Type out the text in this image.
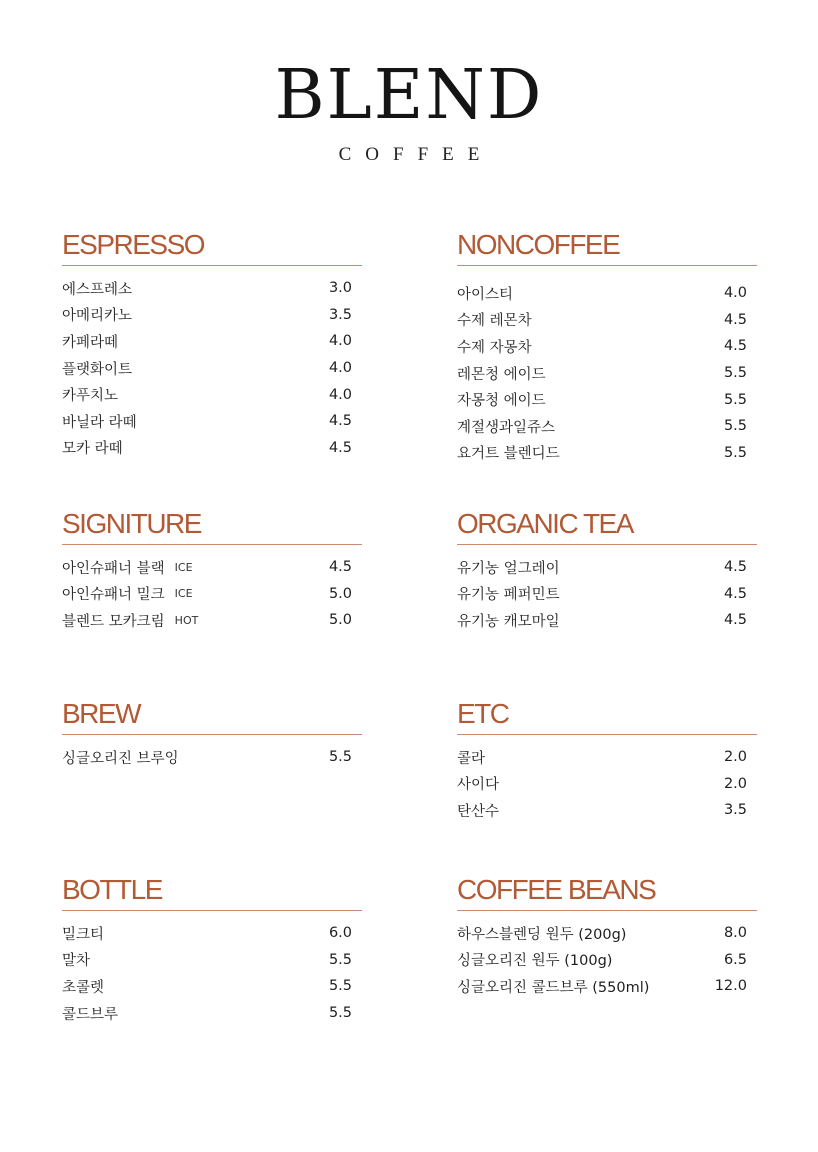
BLEND
COFFEE
ESPRESSO
에스프레소	3.0
아메리카노	3.5
카페라떼	4.0
플랫화이트	4.0
카푸치노	4.0
바닐라 라떼	4.5
모카 라떼	4.5
NONCOFFEE
아이스티	4.0
수제 레몬차	4.5
수제 자몽차	4.5
레몬청 에이드	5.5
자몽청 에이드	5.5
계절생과일쥬스	5.5
요거트 블렌디드	5.5
SIGNITURE
아인슈패너 블랙 ICE	4.5
아인슈패너 밀크 ICE	5.0
블렌드 모카크림 HOT	5.0
ORGANIC TEA
유기농 얼그레이	4.5
유기농 페퍼민트	4.5
유기농 캐모마일	4.5
BREW
싱글오리진 브루잉	5.5
ETC
콜라	2.0
사이다	2.0
탄산수	3.5
BOTTLE
밀크티	6.0
말차	5.5
초콜렛	5.5
콜드브루	5.5
COFFEE BEANS
하우스블렌딩 원두 (200g)	8.0
싱글오리진 원두 (100g)	6.5
싱글오리진 콜드브루 (550ml)	12.0
